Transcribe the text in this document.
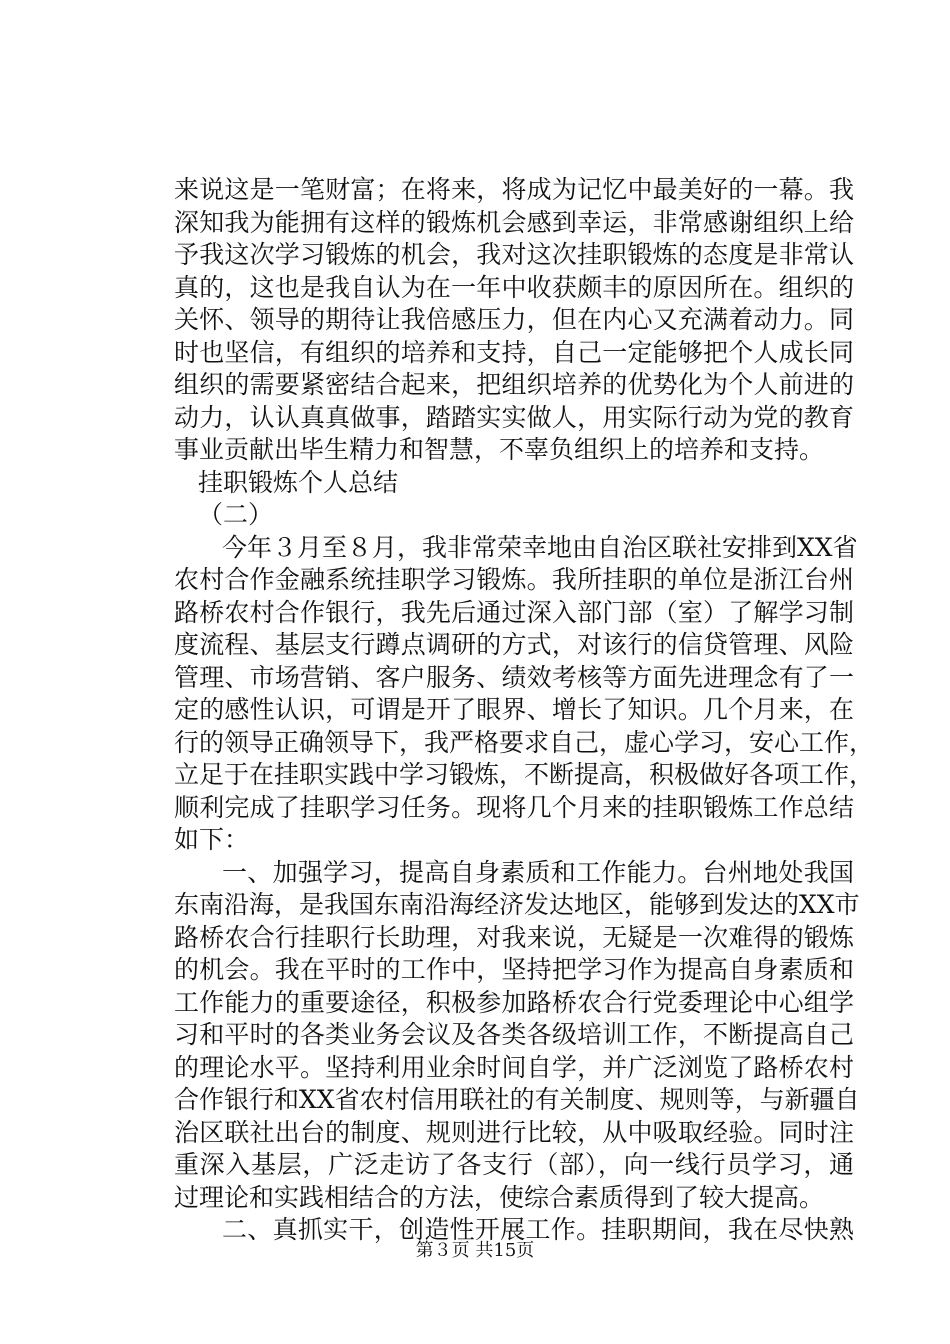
来说这是一笔财富；在将来，将成为记忆中最美好的一幕。我
深知我为能拥有这样的锻炼机会感到幸运，非常感谢组织上给
予我这次学习锻炼的机会，我对这次挂职锻炼的态度是非常认
真的，这也是我自认为在一年中收获颇丰的原因所在。组织的
关怀、领导的期待让我倍感压力，但在内心又充满着动力。同
时也坚信，有组织的培养和支持，自己一定能够把个人成长同
组织的需要紧密结合起来，把组织培养的优势化为个人前进的
动力，认认真真做事，踏踏实实做人，用实际行动为党的教育
事业贡献出毕生精力和智慧，不辜负组织上的培养和支持。
挂职锻炼个人总结
（二）
今年３月至８月，我非常荣幸地由自治区联社安排到XX省
农村合作金融系统挂职学习锻炼。我所挂职的单位是浙江台州
路桥农村合作银行，我先后通过深入部门部（室）了解学习制
度流程、基层支行蹲点调研的方式，对该行的信贷管理、风险
管理、市场营销、客户服务、绩效考核等方面先进理念有了一
定的感性认识，可谓是开了眼界、增长了知识。几个月来，在
行的领导正确领导下，我严格要求自己，虚心学习，安心工作，
立足于在挂职实践中学习锻炼，不断提高，积极做好各项工作，
顺利完成了挂职学习任务。现将几个月来的挂职锻炼工作总结
如下：
一、加强学习，提高自身素质和工作能力。台州地处我国
东南沿海，是我国东南沿海经济发达地区，能够到发达的XX市
路桥农合行挂职行长助理，对我来说，无疑是一次难得的锻炼
的机会。我在平时的工作中，坚持把学习作为提高自身素质和
工作能力的重要途径，积极参加路桥农合行党委理论中心组学
习和平时的各类业务会议及各类各级培训工作，不断提高自己
的理论水平。坚持利用业余时间自学，并广泛浏览了路桥农村
合作银行和XX省农村信用联社的有关制度、规则等，与新疆自
治区联社出台的制度、规则进行比较，从中吸取经验。同时注
重深入基层，广泛走访了各支行（部），向一线行员学习，通
过理论和实践相结合的方法，使综合素质得到了较大提高。
二、真抓实干，创造性开展工作。挂职期间，我在尽快熟
第３页 共15页
